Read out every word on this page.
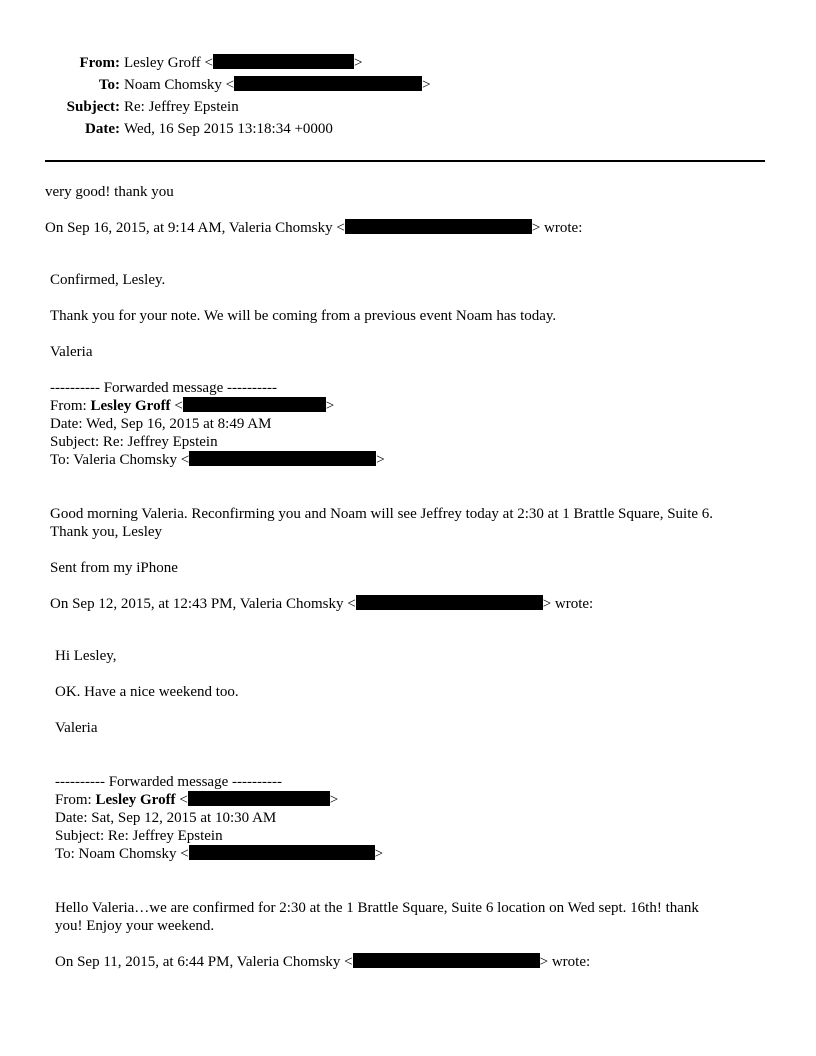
From: Lesley Groff <	>
To: Noam Chomsky <	>
Subject: Re: Jeffrey Epstein
Date: Wed, 16 Sep 2015 13:18:34 +0000
very good! thank you
On Sep 16, 2015, at 9:14 AM, Valeria Chomsky <	> wrote:
Confirmed, Lesley.
Thank you for your note. We will be coming from a previous event Noam has today.
Valeria
---------- Forwarded message ----------
From: Lesley Groff <	>
Date: Wed, Sep 16, 2015 at 8:49 AM
Subject: Re: Jeffrey Epstein
To: Valeria Chomsky <	>
Good morning Valeria. Reconfirming you and Noam will see Jeffrey today at 2:30 at 1 Brattle Square, Suite 6.
Thank you, Lesley
Sent from my iPhone
On Sep 12, 2015, at 12:43 PM, Valeria Chomsky <	> wrote:
Hi Lesley,
OK. Have a nice weekend too.
Valeria
---------- Forwarded message ----------
From: Lesley Groff <	>
Date: Sat, Sep 12, 2015 at 10:30 AM
Subject: Re: Jeffrey Epstein
To: Noam Chomsky <	>
Hello Valeria…we are confirmed for 2:30 at the 1 Brattle Square, Suite 6 location on Wed sept. 16th! thank
you! Enjoy your weekend.
On Sep 11, 2015, at 6:44 PM, Valeria Chomsky <	> wrote:
